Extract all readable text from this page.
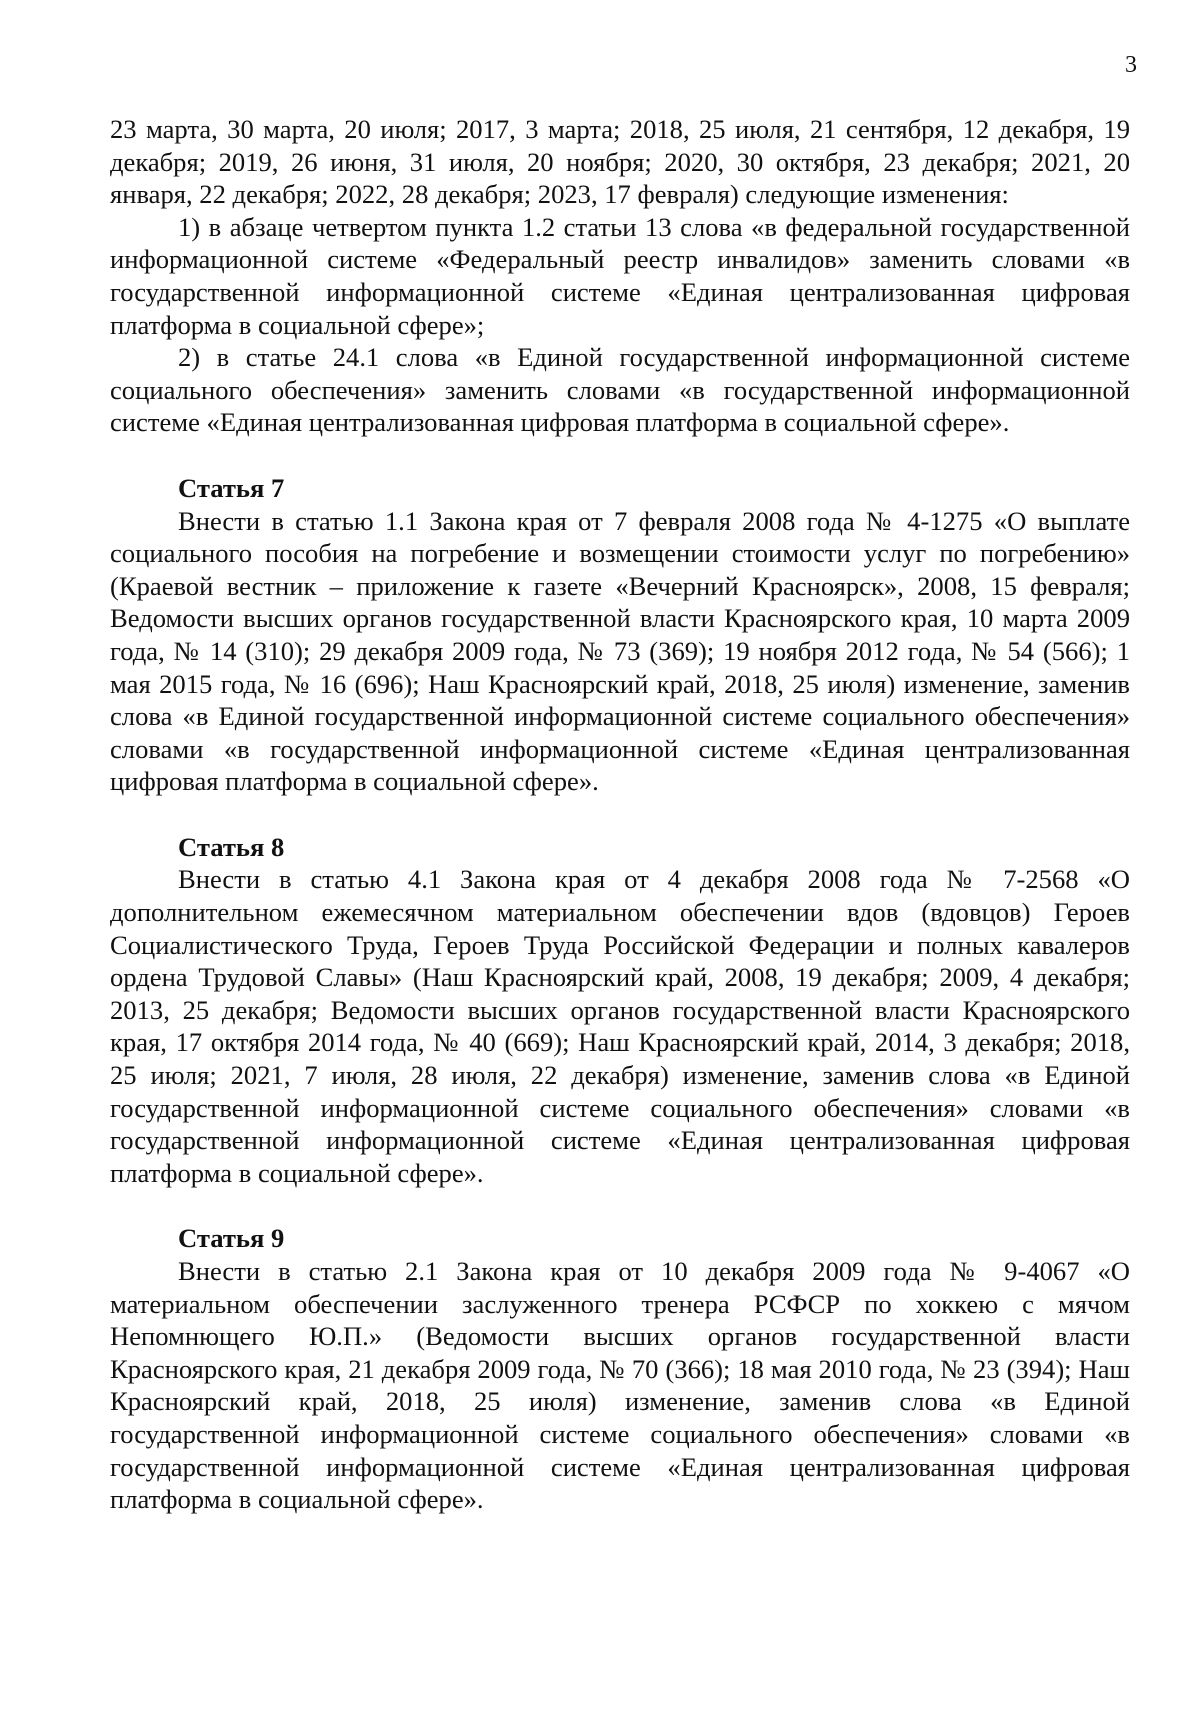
3

23 марта, 30 марта, 20 июля; 2017, 3 марта; 2018, 25 июля, 21 сентября, 12 декабря, 19 декабря; 2019, 26 июня, 31 июля, 20 ноября; 2020, 30 октября, 23 декабря; 2021, 20 января, 22 декабря; 2022, 28 декабря; 2023, 17 февраля) следующие изменения:

1) в абзаце четвертом пункта 1.2 статьи 13 слова «в федеральной государственной информационной системе «Федеральный реестр инвалидов» заменить словами «в государственной информационной системе «Единая централизованная цифровая платформа в социальной сфере»;

2) в статье 24.1 слова «в Единой государственной информационной системе социального обеспечения» заменить словами «в государственной информационной системе «Единая централизованная цифровая платформа в социальной сфере».

Статья 7

Внести в статью 1.1 Закона края от 7 февраля 2008 года № 4-1275 «О выплате социального пособия на погребение и возмещении стоимости услуг по погребению» (Краевой вестник – приложение к газете «Вечерний Красноярск», 2008, 15 февраля; Ведомости высших органов государственной власти Красноярского края, 10 марта 2009 года, № 14 (310); 29 декабря 2009 года, № 73 (369); 19 ноября 2012 года, № 54 (566); 1 мая 2015 года, № 16 (696); Наш Красноярский край, 2018, 25 июля) изменение, заменив слова «в Единой государственной информационной системе социального обеспечения» словами «в государственной информационной системе «Единая централизованная цифровая платформа в социальной сфере».

Статья 8

Внести в статью 4.1 Закона края от 4 декабря 2008 года № 7-2568 «О дополнительном ежемесячном материальном обеспечении вдов (вдовцов) Героев Социалистического Труда, Героев Труда Российской Федерации и полных кавалеров ордена Трудовой Славы» (Наш Красноярский край, 2008, 19 декабря; 2009, 4 декабря; 2013, 25 декабря; Ведомости высших органов государственной власти Красноярского края, 17 октября 2014 года, № 40 (669); Наш Красноярский край, 2014, 3 декабря; 2018, 25 июля; 2021, 7 июля, 28 июля, 22 декабря) изменение, заменив слова «в Единой государственной информационной системе социального обеспечения» словами «в государственной информационной системе «Единая централизованная цифровая платформа в социальной сфере».

Статья 9

Внести в статью 2.1 Закона края от 10 декабря 2009 года № 9-4067 «О материальном обеспечении заслуженного тренера РСФСР по хоккею с мячом Непомнющего Ю.П.» (Ведомости высших органов государственной власти Красноярского края, 21 декабря 2009 года, № 70 (366); 18 мая 2010 года, № 23 (394); Наш Красноярский край, 2018, 25 июля) изменение, заменив слова «в Единой государственной информационной системе социального обеспечения» словами «в государственной информационной системе «Единая централизованная цифровая платформа в социальной сфере».
